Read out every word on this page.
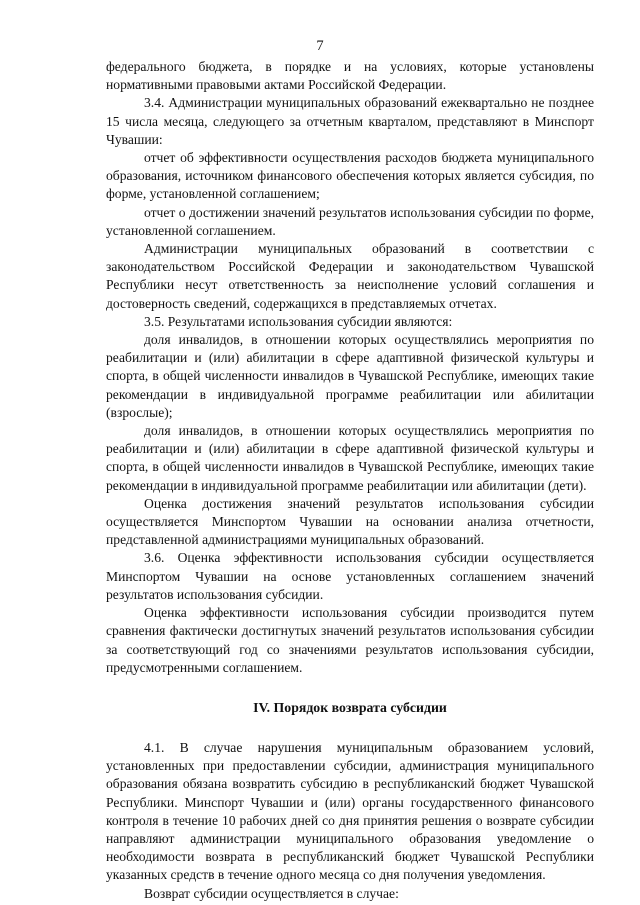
7

федерального бюджета, в порядке и на условиях, которые установлены нормативными правовыми актами Российской Федерации.

3.4. Администрации муниципальных образований ежеквартально не позднее 15 числа месяца, следующего за отчетным кварталом, представляют в Минспорт Чувашии:

отчет об эффективности осуществления расходов бюджета муниципального образования, источником финансового обеспечения которых является субсидия, по форме, установленной соглашением;

отчет о достижении значений результатов использования субсидии по форме, установленной соглашением.

Администрации муниципальных образований в соответствии с законодательством Российской Федерации и законодательством Чувашской Республики несут ответственность за неисполнение условий соглашения и достоверность сведений, содержащихся в представляемых отчетах.

3.5. Результатами использования субсидии являются:

доля инвалидов, в отношении которых осуществлялись мероприятия по реабилитации и (или) абилитации в сфере адаптивной физической культуры и спорта, в общей численности инвалидов в Чувашской Республике, имеющих такие рекомендации в индивидуальной программе реабилитации или абилитации (взрослые);

доля инвалидов, в отношении которых осуществлялись мероприятия по реабилитации и (или) абилитации в сфере адаптивной физической культуры и спорта, в общей численности инвалидов в Чувашской Республике, имеющих такие рекомендации в индивидуальной программе реабилитации или абилитации (дети).

Оценка достижения значений результатов использования субсидии осуществляется Минспортом Чувашии на основании анализа отчетности, представленной администрациями муниципальных образований.

3.6. Оценка эффективности использования субсидии осуществляется Минспортом Чувашии на основе установленных соглашением значений результатов использования субсидии.

Оценка эффективности использования субсидии производится путем сравнения фактически достигнутых значений результатов использования субсидии за соответствующий год со значениями результатов использования субсидии, предусмотренными соглашением.

IV. Порядок возврата субсидии

4.1. В случае нарушения муниципальным образованием условий, установленных при предоставлении субсидии, администрация муниципального образования обязана возвратить субсидию в республиканский бюджет Чувашской Республики. Минспорт Чувашии и (или) органы государственного финансового контроля в течение 10 рабочих дней со дня принятия решения о возврате субсидии направляют администрации муниципального образования уведомление о необходимости возврата в республиканский бюджет Чувашской Республики указанных средств в течение одного месяца со дня получения уведомления.

Возврат субсидии осуществляется в случае:
